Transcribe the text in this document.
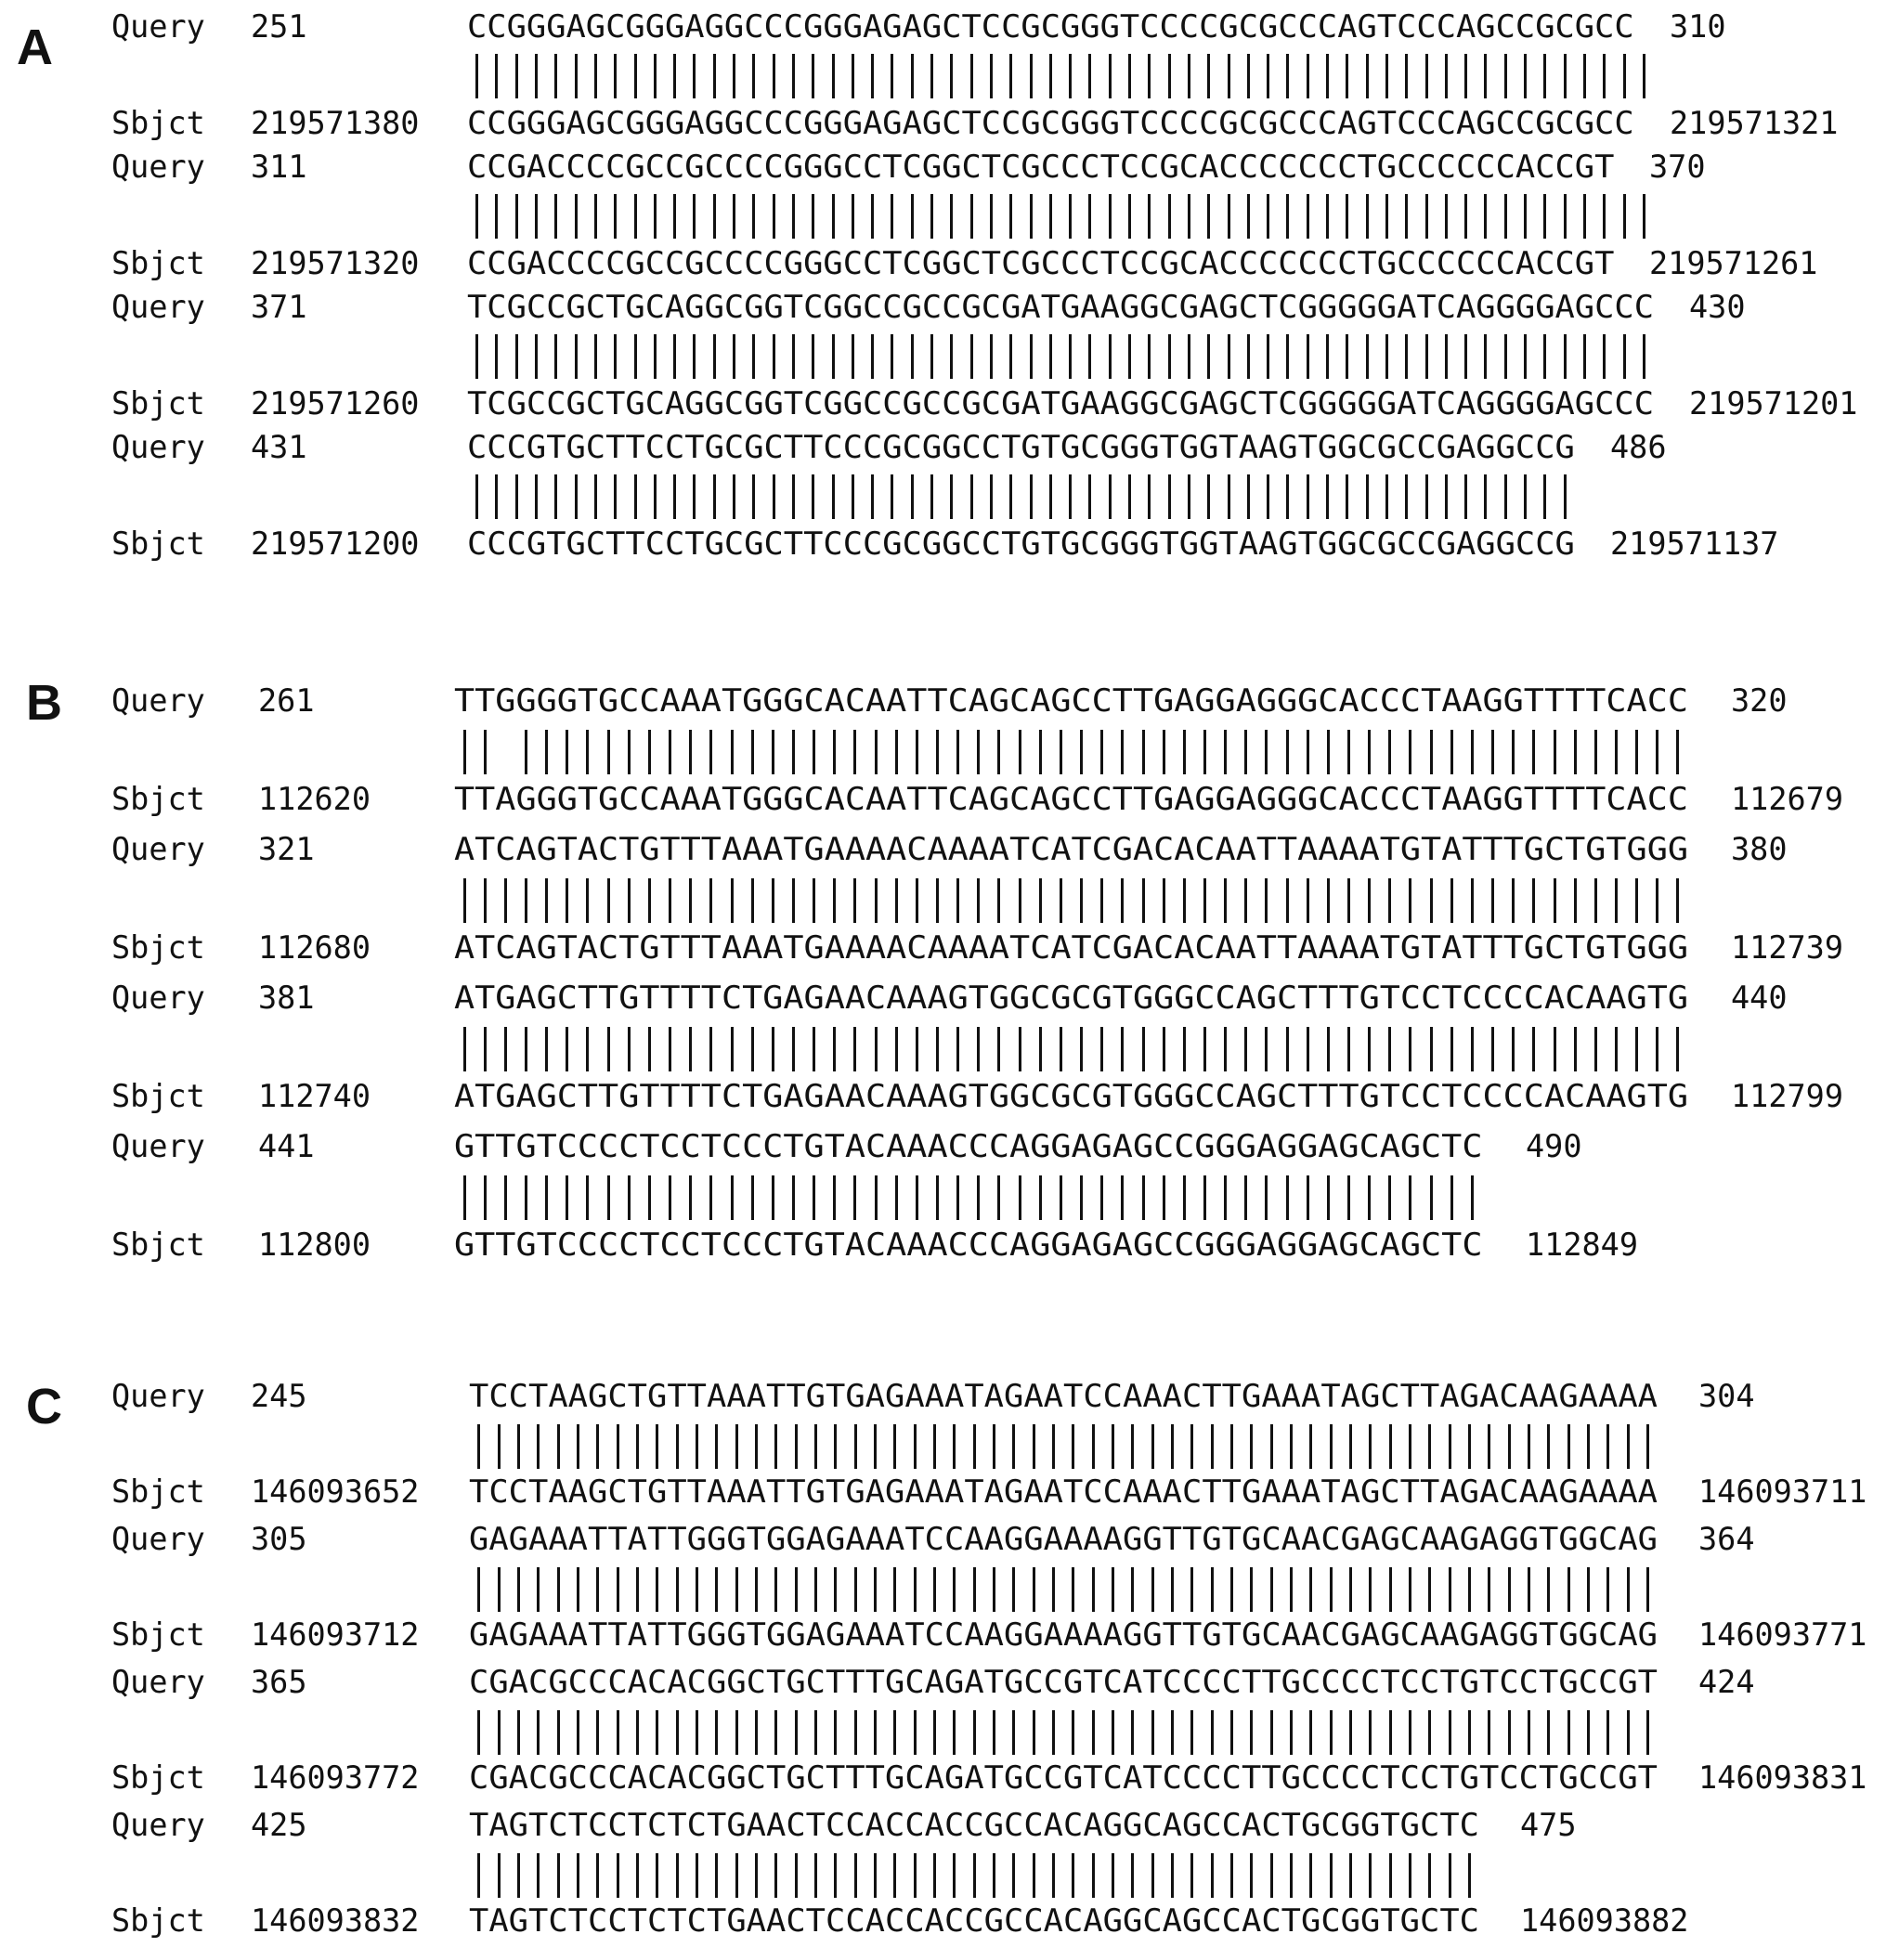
A Query 251	CCGGGAGCGGGAGGCCCGGGAGAGCTCCGCGGGTCCCCGCGCCCAGTCCCAGCCGCGCC 310
Sbjct 219571380 CCGGGAGCGGGAGGCCCGGGAGAGCTCCGCGGGTCCCCGCGCCCAGTCCCAGCCGCGCC 219571321
Query 311	CCGACCCCGCCGCCCCGGGCCTCGGCTCGCCCTCCGCACCCCCCCTGCCCCCCACCGT 370
Sbjct 219571320 CCGACCCCGCCGCCCCGGGCCTCGGCTCGCCCTCCGCACCCCCCCTGCCCCCCACCGT 219571261
Query 371	TCGCCGCTGCAGGCGGTCGGCCGCCGCGATGAAGGCGAGCTCGGGGGATCAGGGGAGCCC 430
Sbjct 219571260 TCGCCGCTGCAGGCGGTCGGCCGCCGCGATGAAGGCGAGCTCGGGGGATCAGGGGAGCCC 219571201
Query 431	CCCGTGCTTCCTGCGCTTCCCGCGGCCTGTGCGGGTGGTAAGTGGCGCCGAGGCCG 486
Sbjct 219571200 CCCGTGCTTCCTGCGCTTCCCGCGGCCTGTGCGGGTGGTAAGTGGCGCCGAGGCCG 219571137
B Query 261	TTGGGGTGCCAAATGGGCACAATTCAGCAGCCTTGAGGAGGGCACCCTAAGGTTTTCACC 320
Sbjct 112620	TTAGGGTGCCAAATGGGCACAATTCAGCAGCCTTGAGGAGGGCACCCTAAGGTTTTCACC 112679
Query 321	ATCAGTACTGTTTAAATGAAAACAAAATCATCGACACAATTAAAATGTATTTGCTGTGGG 380
Sbjct 112680	ATCAGTACTGTTTAAATGAAAACAAAATCATCGACACAATTAAAATGTATTTGCTGTGGG 112739
Query 381	ATGAGCTTGTTTTCTGAGAACAAAGTGGCGCGTGGGCCAGCTTTGTCCTCCCCACAAGTG 440
Sbjct 112740	ATGAGCTTGTTTTCTGAGAACAAAGTGGCGCGTGGGCCAGCTTTGTCCTCCCCACAAGTG 112799
Query 441	GTTGTCCCCTCCTCCCTGTACAAACCCAGGAGAGCCGGGAGGAGCAGCTC 490
Sbjct 112800	GTTGTCCCCTCCTCCCTGTACAAACCCAGGAGAGCCGGGAGGAGCAGCTC 112849
C Query 245	TCCTAAGCTGTTAAATTGTGAGAAATAGAATCCAAACTTGAAATAGCTTAGACAAGAAAA 304
Sbjct 146093652 TCCTAAGCTGTTAAATTGTGAGAAATAGAATCCAAACTTGAAATAGCTTAGACAAGAAAA 146093711
Query 305	GAGAAATTATTGGGTGGAGAAATCCAAGGAAAAGGTTGTGCAACGAGCAAGAGGTGGCAG 364
Sbjct 146093712 GAGAAATTATTGGGTGGAGAAATCCAAGGAAAAGGTTGTGCAACGAGCAAGAGGTGGCAG 146093771
Query 365	CGACGCCCACACGGCTGCTTTGCAGATGCCGTCATCCCCTTGCCCCTCCTGTCCTGCCGT 424
Sbjct 146093772 CGACGCCCACACGGCTGCTTTGCAGATGCCGTCATCCCCTTGCCCCTCCTGTCCTGCCGT 146093831
Query 425	TAGTCTCCTCTCTGAACTCCACCACCGCCACAGGCAGCCACTGCGGTGCTC 475
Sbjct 146093832 TAGTCTCCTCTCTGAACTCCACCACCGCCACAGGCAGCCACTGCGGTGCTC 146093882
